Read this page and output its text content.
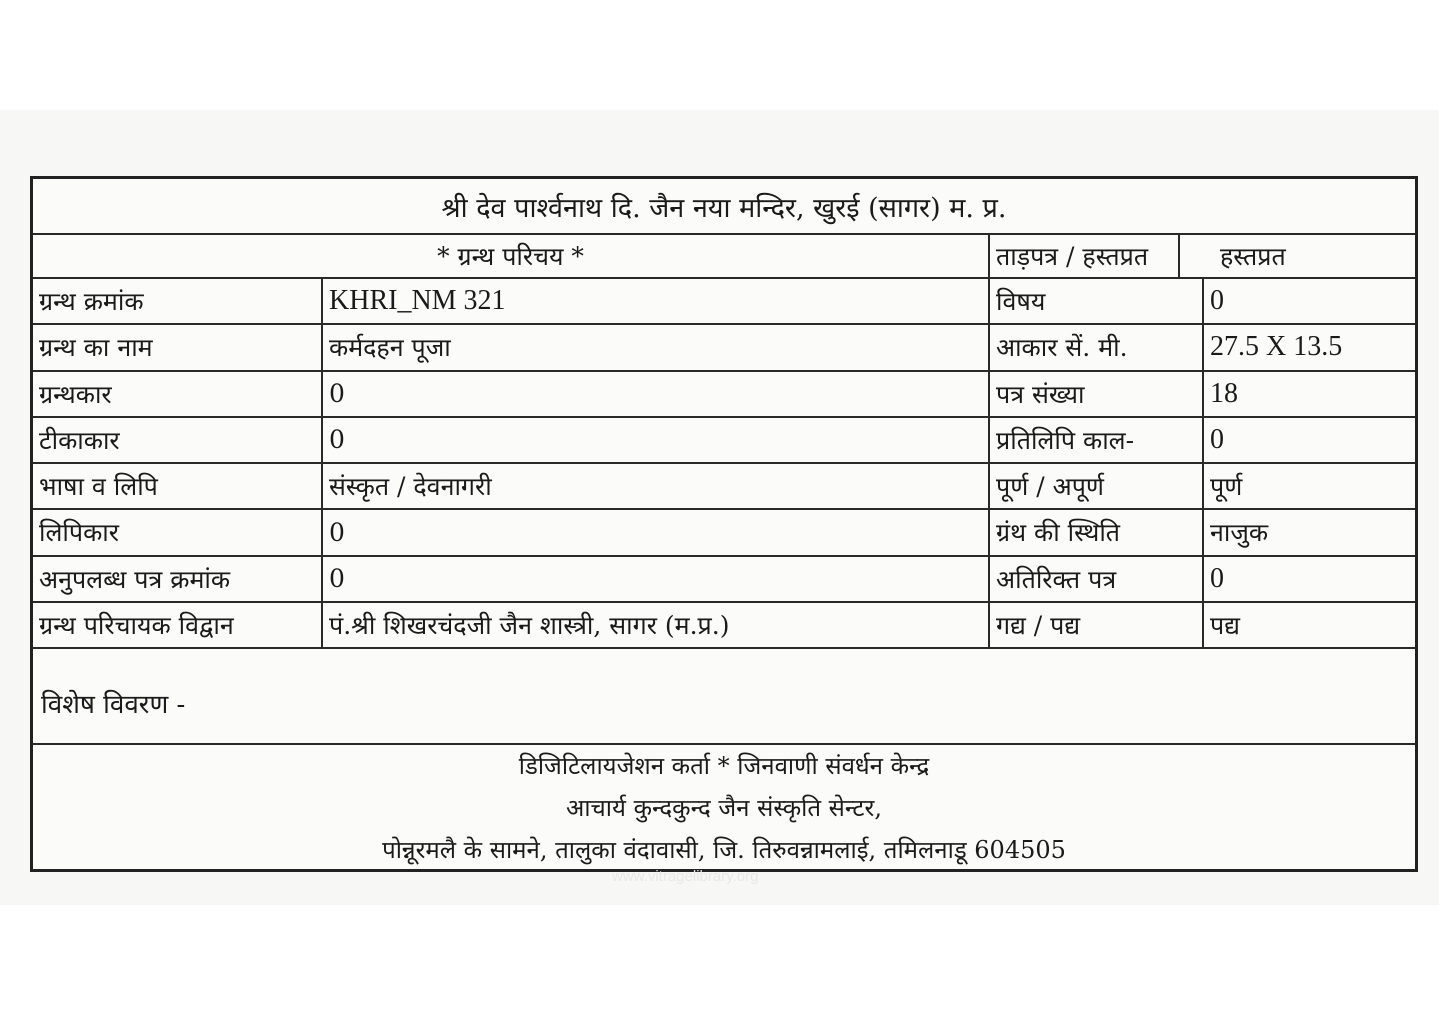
श्री देव पार्श्वनाथ दि. जैन नया मन्दिर, खुरई (सागर) म. प्र.
* ग्रन्थ परिचय *	ताड़पत्र / हस्तप्रत	हस्तप्रत
ग्रन्थ क्रमांक	KHRI_NM 321	विषय	0
ग्रन्थ का नाम	कर्मदहन पूजा	आकार सें. मी.	27.5 X 13.5
ग्रन्थकार	0	पत्र संख्या	18
टीकाकार	0	प्रतिलिपि काल-	0
भाषा व लिपि	संस्कृत / देवनागरी	पूर्ण / अपूर्ण	पूर्ण
लिपिकार	0	ग्रंथ की स्थिति	नाजुक
अनुपलब्ध पत्र क्रमांक	0	अतिरिक्त पत्र	0
ग्रन्थ परिचायक विद्वान	पं.श्री शिखरचंदजी जैन शास्त्री, सागर (म.प्र.)	गद्य / पद्य	पद्य
विशेष विवरण -
डिजिटिलायजेशन कर्ता * जिनवाणी संवर्धन केन्द्र
आचार्य कुन्दकुन्द जैन संस्कृति सेन्टर,
पोन्नूरमलै के सामने, तालुका वंदावासी, जि. तिरुवन्नामलाई, तमिलनाडू 604505
www.vitragelibrary.org
